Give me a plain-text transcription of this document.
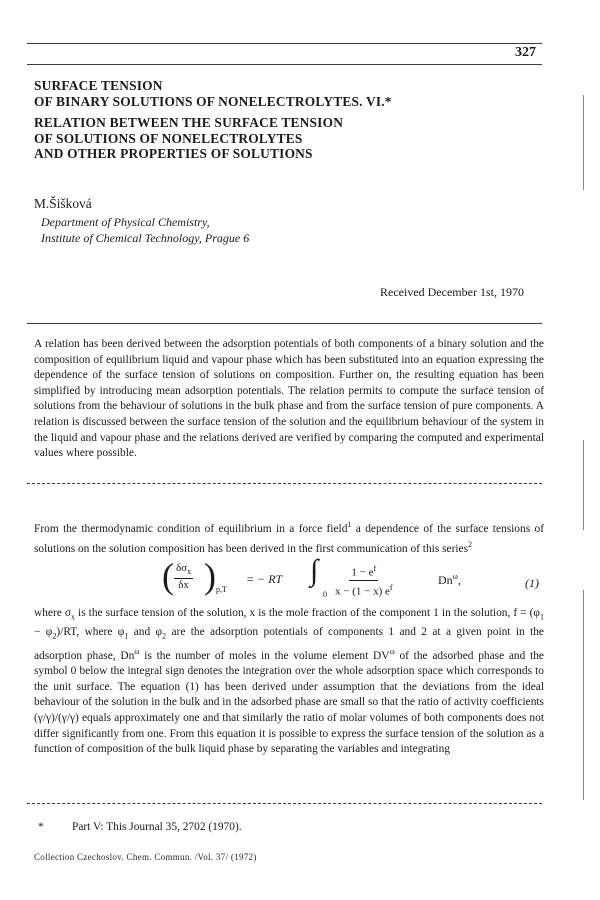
327
SURFACE TENSION
OF BINARY SOLUTIONS OF NONELECTROLYTES. VI.*
RELATION BETWEEN THE SURFACE TENSION
OF SOLUTIONS OF NONELECTROLYTES
AND OTHER PROPERTIES OF SOLUTIONS
M.Šišková
Department of Physical Chemistry,
Institute of Chemical Technology, Prague 6
Received December 1st, 1970

A relation has been derived between the adsorption potentials of both components of a binary solution and the composition of equilibrium liquid and vapour phase which has been substituted into an equation expressing the dependence of the surface tension of solutions on composition. Further on, the resulting equation has been simplified by introducing mean adsorption potentials. The relation permits to compute the surface tension of solutions from the behaviour of solutions in the bulk phase and from the surface tension of pure components. A relation is discussed between the surface tension of the solution and the equilibrium behaviour of the system in the liquid and vapour phase and the relations derived are verified by comparing the computed and experimental values where possible.

From the thermodynamic condition of equilibrium in a force field$^1$ a dependence of the surface tensions of solutions on the solution composition has been derived in the first communication of this series$^2$

( $\delta\sigma_x$
δx ) p,T
= − RT ∫
$0 \frac{1 - e^f}{x - (1 - x) e^f}$	$Dn^\omega$,	(1)

where $\sigma_x$ is the surface tension of the solution, x is the mole fraction of the component 1 in the solution, $f = (\varphi_1 - \varphi_2)/RT$, where $\varphi_1$ and $\varphi_2$ are the adsorption potentials of components 1 and 2 at a given point in the adsorption phase, $Dn^\omega$ is the number of moles in the volume element $DV^\omega$ of the adsorbed phase and the symbol 0 below the integral sign denotes the integration over the whole adsorption space which corresponds to the unit surface. The equation (1) has been derived under assumption that the deviations from the ideal behaviour of the solution in the bulk and in the adsorbed phase are small so that the ratio of activity coefficients (γ/γ)/(γ/γ) equals approximately one and that similarly the ratio of molar volumes of both components does not differ significantly from one. From this equation it is possible to express the surface tension of the solution as a function of composition of the bulk liquid phase by separating the variables and integrating

* Part V: This Journal 35, 2702 (1970).
Collection Czechoslov. Chem. Commun. /Vol. 37/ (1972)
